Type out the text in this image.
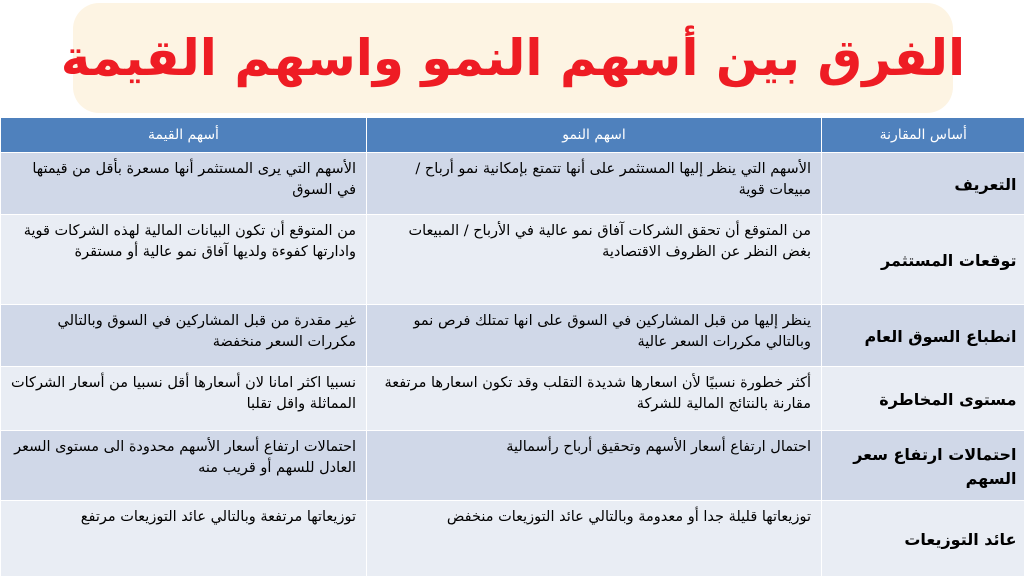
الفرق بين أسهم النمو واسهم القيمة
أساس المقارنة	اسهم النمو	أسهم القيمة
التعريف	الأسهم التي ينظر إليها المستثمر على أنها تتمتع بإمكانية نمو أرباح / مبيعات قوية	الأسهم التي يرى المستثمر أنها مسعرة بأقل من قيمتها في السوق
توقعات المستثمر	من المتوقع أن تحقق الشركات آفاق نمو عالية في الأرباح / المبيعات بغض النظر عن الظروف الاقتصادية	من المتوقع أن تكون البيانات المالية لهذه الشركات قوية وادارتها كفوءة ولديها آفاق نمو عالية أو مستقرة
انطباع السوق العام	ينظر إليها من قبل المشاركين في السوق على انها تمتلك فرص نمو وبالتالي مكررات السعر عالية	غير مقدرة من قبل المشاركين في السوق وبالتالي مكررات السعر منخفضة
مستوى المخاطرة	أكثر خطورة نسبيًا لأن اسعارها شديدة التقلب وقد تكون اسعارها مرتفعة مقارنة بالنتائج المالية للشركة	نسبيا اكثر امانا لان أسعارها أقل نسبيا من أسعار الشركات المماثلة واقل تقلبا
احتمالات ارتفاع سعر السهم	احتمال ارتفاع أسعار الأسهم وتحقيق أرباح رأسمالية	احتمالات ارتفاع أسعار الأسهم محدودة الى مستوى السعر العادل للسهم أو قريب منه
عائد التوزيعات	توزيعاتها قليلة جدا أو معدومة وبالتالي عائد التوزيعات منخفض	توزيعاتها مرتفعة وبالتالي عائد التوزيعات مرتفع
